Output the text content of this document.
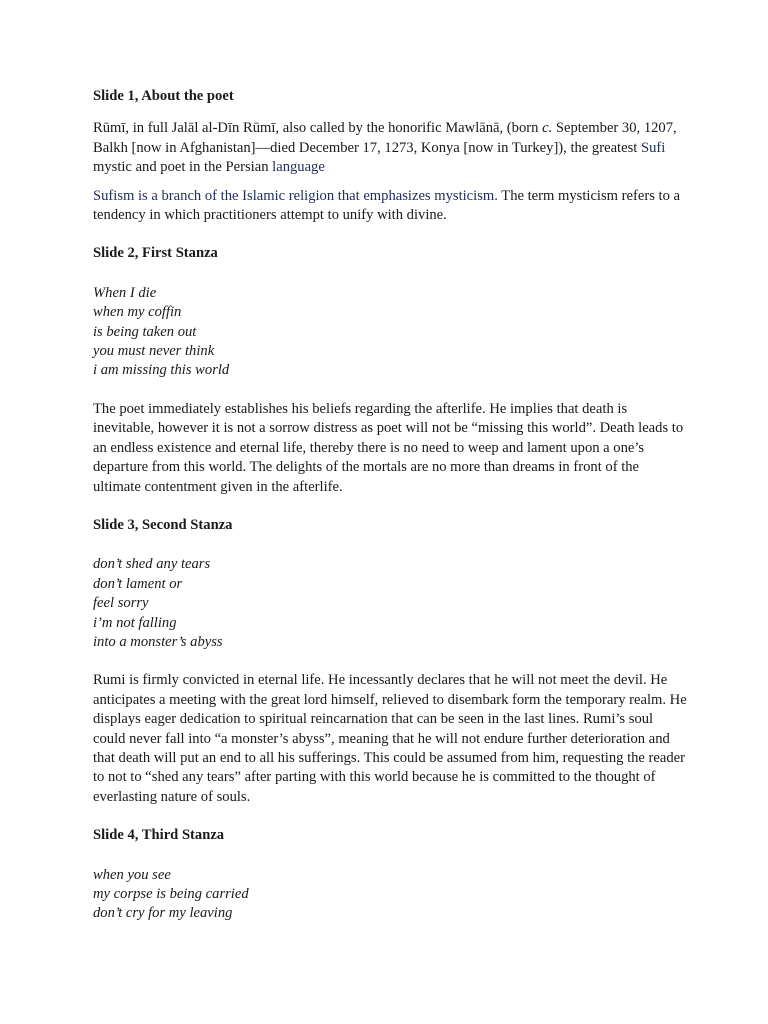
Slide 1, About the poet

Rūmī, in full Jalāl al-Dīn Rūmī, also called by the honorific Mawlānā, (born c. September 30, 1207, Balkh [now in Afghanistan]—died December 17, 1273, Konya [now in Turkey]), the greatest Sufi mystic and poet in the Persian language

Sufism is a branch of the Islamic religion that emphasizes mysticism. The term mysticism refers to a tendency in which practitioners attempt to unify with divine.

Slide 2, First Stanza

When I die
when my coffin
is being taken out
you must never think
i am missing this world

The poet immediately establishes his beliefs regarding the afterlife. He implies that death is inevitable, however it is not a sorrow distress as poet will not be “missing this world”. Death leads to an endless existence and eternal life, thereby there is no need to weep and lament upon a one’s departure from this world. The delights of the mortals are no more than dreams in front of the ultimate contentment given in the afterlife.

Slide 3, Second Stanza

don’t shed any tears
don’t lament or
feel sorry
i’m not falling
into a monster’s abyss

Rumi is firmly convicted in eternal life. He incessantly declares that he will not meet the devil. He anticipates a meeting with the great lord himself, relieved to disembark form the temporary realm. He displays eager dedication to spiritual reincarnation that can be seen in the last lines. Rumi’s soul could never fall into “a monster’s abyss”, meaning that he will not endure further deterioration and that death will put an end to all his sufferings. This could be assumed from him, requesting the reader to not to “shed any tears” after parting with this world because he is committed to the thought of everlasting nature of souls.

Slide 4, Third Stanza

when you see
my corpse is being carried
don’t cry for my leaving
